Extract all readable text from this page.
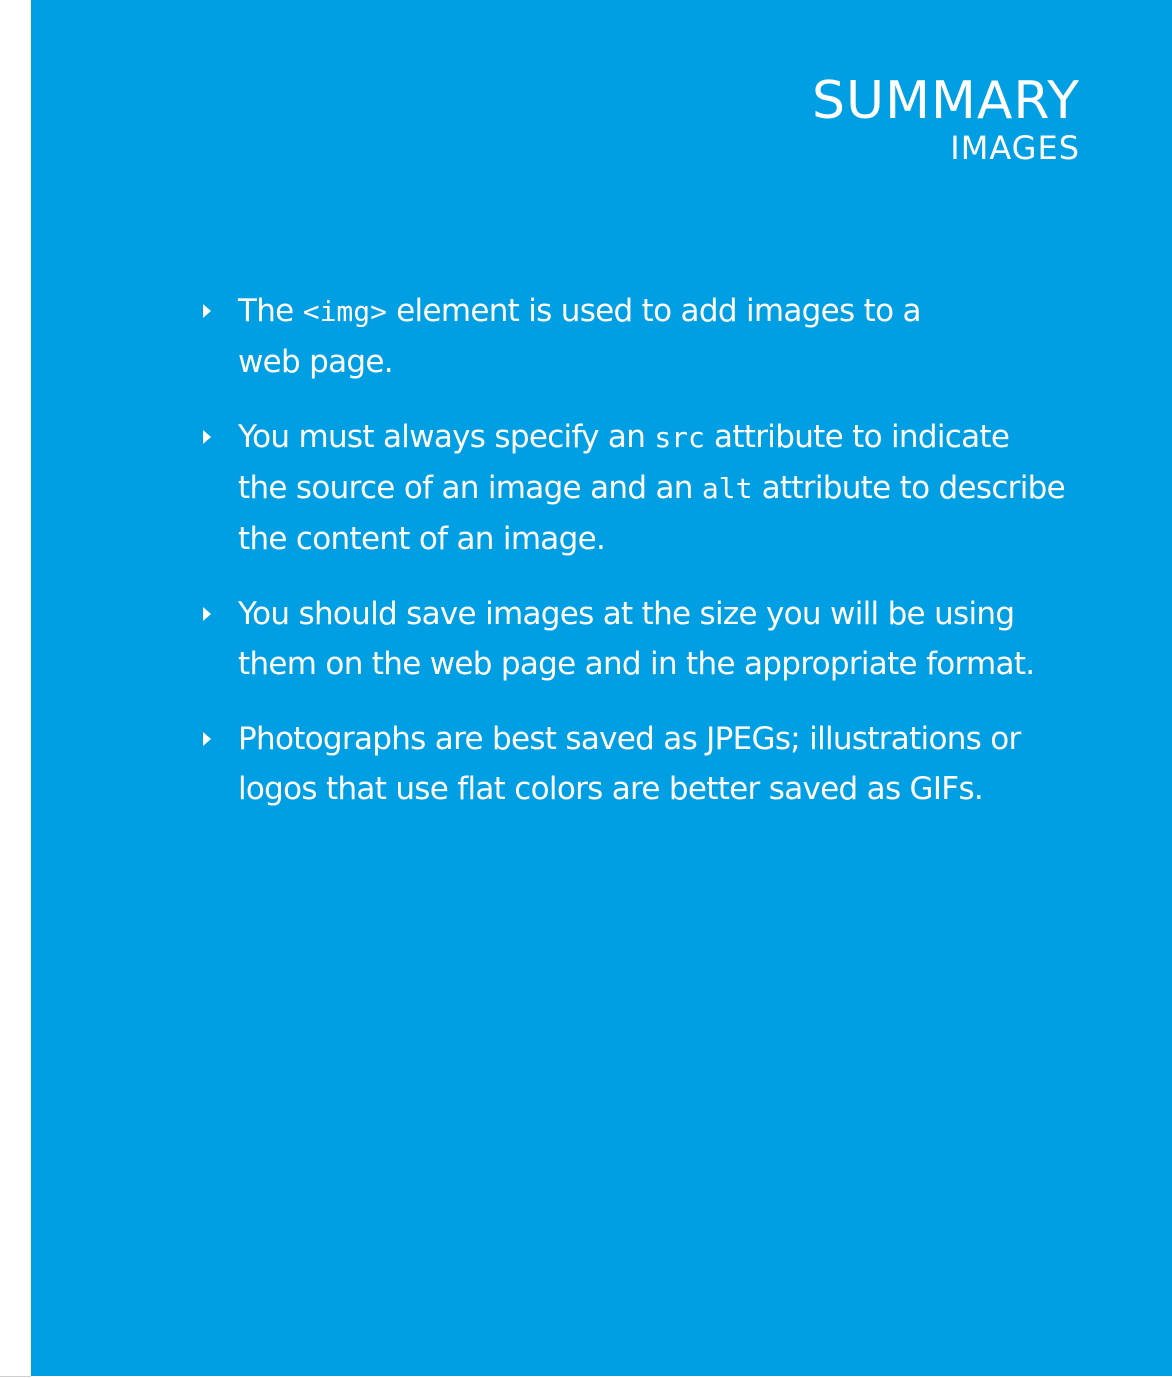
SUMMARY
IMAGES
The <img> element is used to add images to a
web page.
You must always specify an src attribute to indicate
the source of an image and an alt attribute to describe
the content of an image.
You should save images at the size you will be using
them on the web page and in the appropriate format.
Photographs are best saved as JPEGs; illustrations or
logos that use flat colors are better saved as GIFs.
